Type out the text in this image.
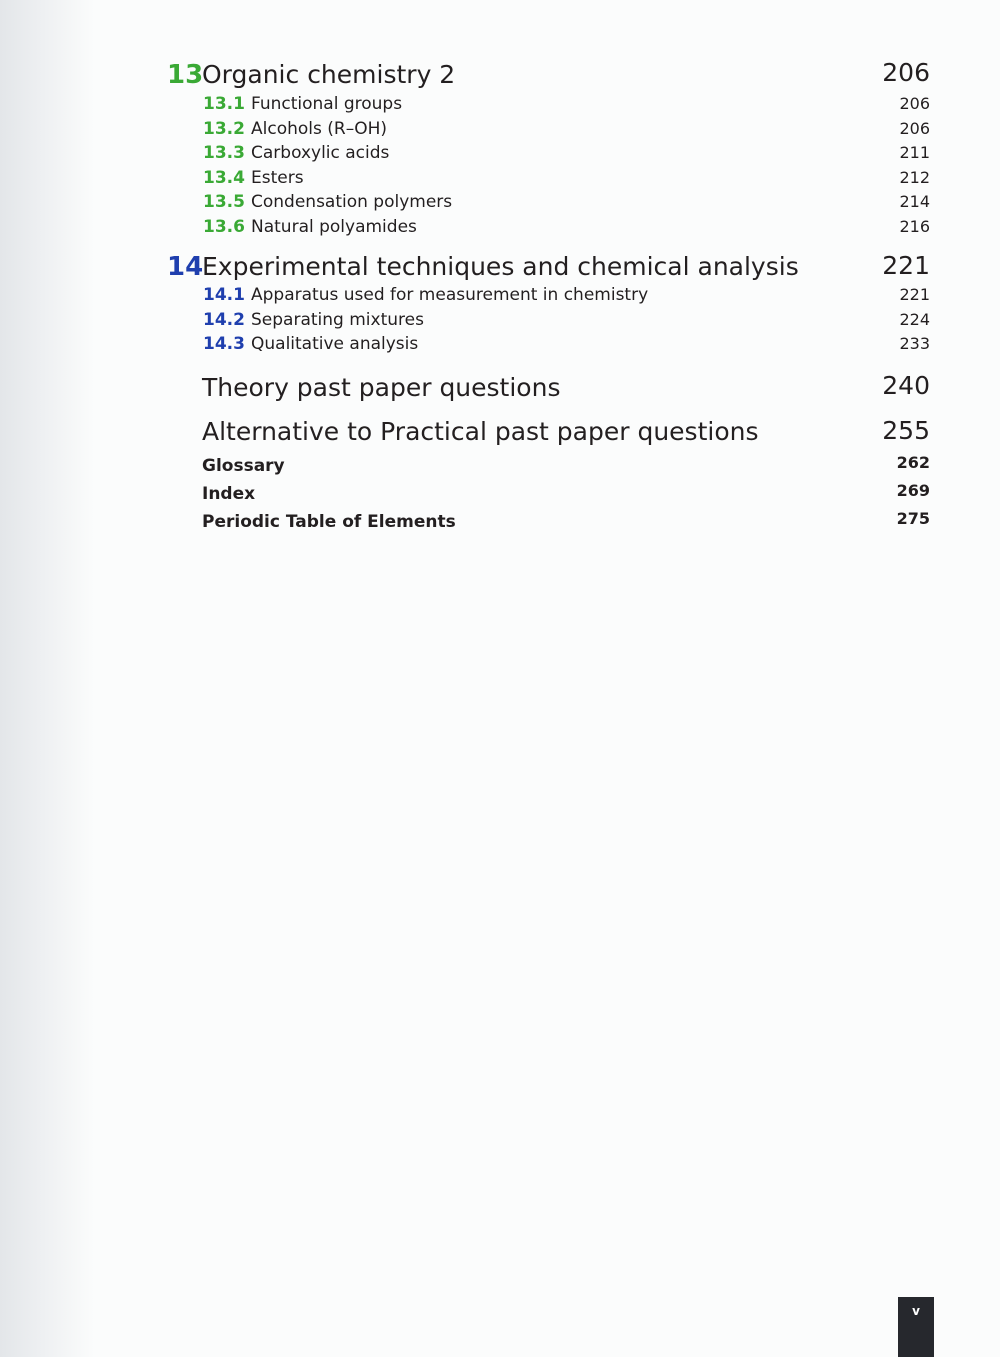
13
Organic chemistry 2	206
13.1 Functional groups	206
13.2 Alcohols (R–OH)	206
13.3 Carboxylic acids	211
13.4 Esters	212
13.5 Condensation polymers	214
13.6 Natural polyamides	216
14
Experimental techniques and chemical analysis	221
14.1 Apparatus used for measurement in chemistry	221
14.2 Separating mixtures	224
14.3 Qualitative analysis	233
Theory past paper questions	240
Alternative to Practical past paper questions	255
Glossary	262
Index	269
Periodic Table of Elements	275
v
